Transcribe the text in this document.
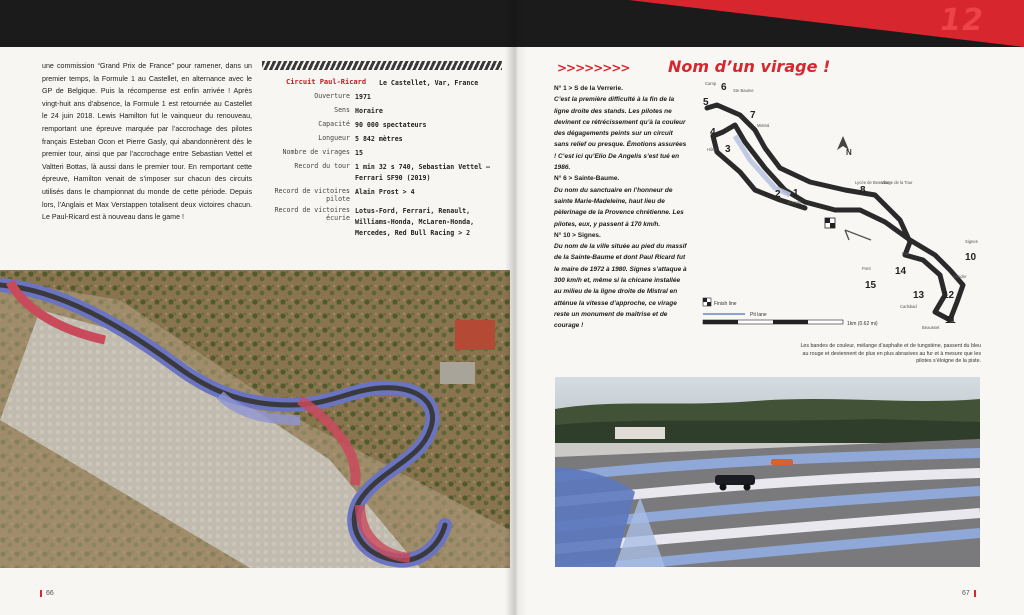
une commission “Grand Prix de France” pour ramener, dans un premier temps, la Formule 1 au Castellet, en alternance avec le GP de Belgique. Puis la récompense est enfin arrivée ! Après vingt-huit ans d’absence, la Formule 1 est retournée au Castellet le 24 juin 2018. Lewis Hamilton fut le vainqueur du renouveau, remportant une épreuve marquée par l’accrochage des pilotes français Esteban Ocon et Pierre Gasly, qui abandonnèrent dès le premier tour, ainsi que par l’accrochage entre Sebastian Vettel et Valtteri Bottas, là aussi dans le premier tour. En remportant cette épreuve, Hamilton venait de s’imposer sur chacun des circuits utilisés dans le championnat du monde de cette période. Depuis lors, l’Anglais et Max Verstappen totalisent deux victoires chacun. Le Paul-Ricard est à nouveau dans le game !

Circuit Paul-Ricard	Le Castellet, Var, France
Ouverture 1971
Sens Horaire
Capacité 90 000 spectateurs
Longueur 5 842 mètres
Nombre de virages 15
Record du tour 1 min 32 s 740, Sebastian Vettel – Ferrari SF90 (2019)
Record de victoires pilote
Alain Prost > 4
Record de victoires écurie
Lotus-Ford, Ferrari, Renault, Williams-Honda, McLaren-Honda, Mercedes, Red Bull Racing > 2
66
12
>>>>>>>> Nom d’un virage !

N° 1 > S de la Verrerie.
C’est la première difficulté à la fin de la ligne droite des stands. Les pilotes ne devinent ce rétrécissement qu’à la couleur des dégagements peints sur un circuit sans relief ou presque. Émotions assurées ! C’est ici qu’Elio De Angelis s’est tué en 1986.

N° 6 > Sainte-Baume.
Du nom du sanctuaire en l’honneur de sainte Marie-Madeleine, haut lieu de pèlerinage de la Provence chrétienne. Les pilotes, eux, y passent à 170 km/h.

N° 10 > Signes.
Du nom de la ville située au pied du massif de la Sainte-Baume et dont Paul Ricard fut le maire de 1972 à 1980. Signes s’attaque à 300 km/h et, même si la chicane installée au milieu de la ligne droite de Mistral en atténue la vitesse d’approche, ce virage reste un monument de maîtrise et de courage !

N
1
2
3
4
5
6
7
8
10
11
12
13
14
15
Camp
Ste Baume
Hôtel
Mistral
Verrerie
Lycée de Beaudan
Virage de la Tour
Pont
Signes
Beausset
Bendor
Carlsbad
Lac
Finish line
Pit lane
1km (0.62 mi)
Les bandes de couleur, mélange d’asphalte et de tungstène, passent du bleu au rouge et deviennent de plus en plus abrasives au fur et à mesure que les pilotes s’éloigne de la piste.
67
